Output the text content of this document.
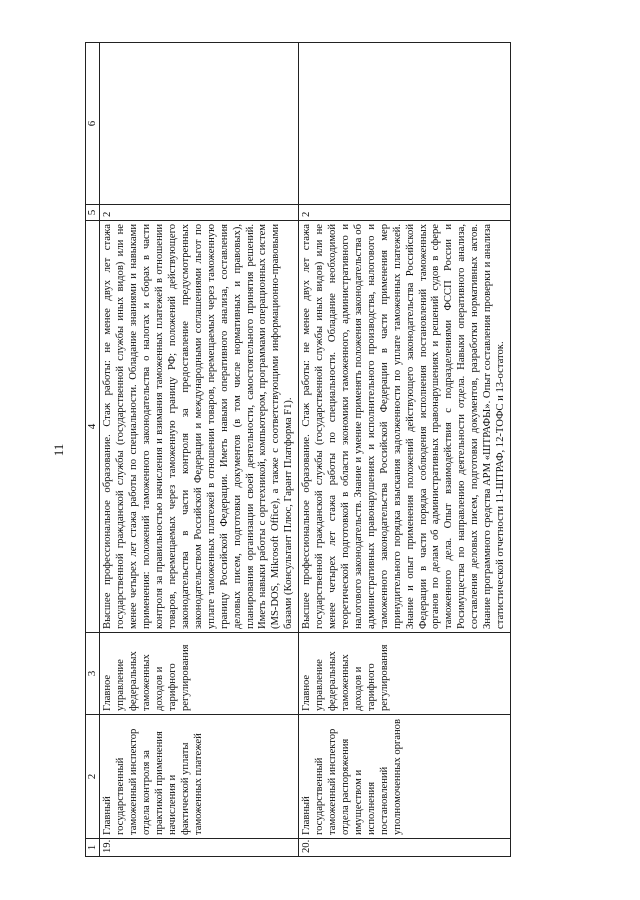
11
1	2	3	4	5	6
19.	Главный государственный таможенный инспектор отдела контроля за практикой применения начисления и фактической уплаты таможенных платежей	Главное управление федеральных таможенных доходов и тарифного регулирования	Высшее профессиональное образование. Стаж работы: не менее двух лет стажа государственной гражданской службы (государственной службы иных видов) или не менее четырех лет стажа работы по специальности. Обладание знаниями и навыками применения: положений таможенного законодательства о налогах и сборах в части контроля за правильностью начисления и взимания таможенных платежей в отношении товаров, перемещаемых через таможенную границу РФ; положений действующего законодательства в части контроля за предоставление предусмотренных законодательством Российской Федерации и международными соглашениями льгот по уплате таможенных платежей в отношении товаров, перемещаемых через таможенную границу Российской Федерации. Иметь навыки оперативного анализа, составления деловых писем, подготовки документов (в том числе нормативных и правовых), планирования организации своей деятельности, самостоятельного принятия решений. Иметь навыки работы с оргтехникой, компьютером, программами операционных систем (MS-DOS, Mikrosoft Office), а также с соответствующими информационно-правовыми базами (Консультант Плюс, Гарант Платформа F1).	2	
20.	Главный государственный таможенный инспектор отдела распоряжения имуществом и исполнения постановлений уполномоченных органов	Главное управление федеральных таможенных доходов и тарифного регулирования	Высшее профессиональное образование. Стаж работы: не менее двух лет стажа государственной гражданской службы (государственной службы иных видов) или не менее четырех лет стажа работы по специальности. Обладание необходимой теоретической подготовкой в области экономики таможенного, административного и налогового законодательств. Знание и умение применять положения законодательства об административных правонарушениях и исполнительного производства, налогового и таможенного законодательства Российской Федерации в части применения мер принудительного порядка взыскания задолженности по уплате таможенных платежей. Знание и опыт применения положений действующего законодательства Российской Федерации в части порядка соблюдения исполнения постановлений таможенных органов по делам об административных правонарушениях и решений судов в сфере таможенного дела. Опыт взаимодействия с подразделениями ФССП России и Росимущества по направлению деятельности отдела. Навыки оперативного анализа, составления деловых писем, подготовки документов, разработки нормативных актов. Знание программного средства АРМ «ШТРАФЫ». Опыт составления проверки и анализа статистической отчетности 11-ШТРАФ, 12-ТОФС и 13-остаток.	2	
